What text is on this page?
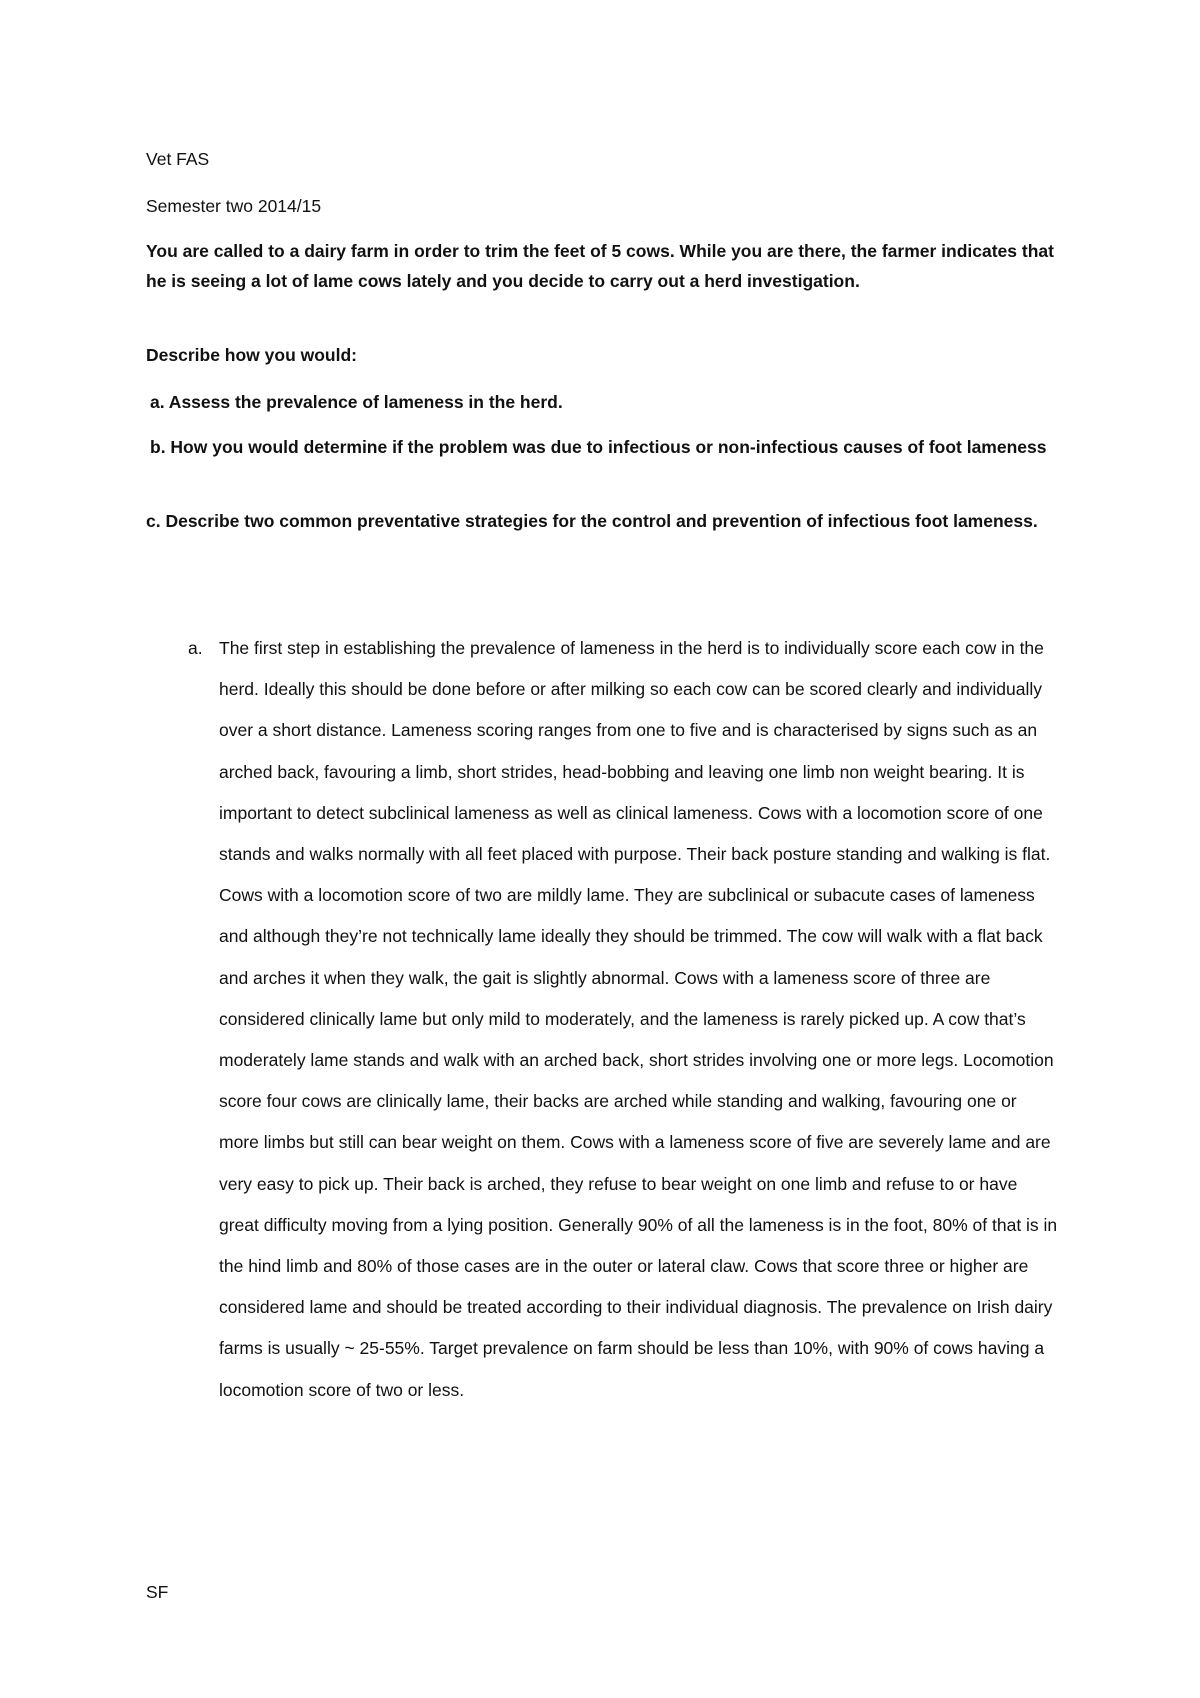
Vet FAS

Semester two 2014/15

You are called to a dairy farm in order to trim the feet of 5 cows. While you are there, the farmer indicates that he is seeing a lot of lame cows lately and you decide to carry out a herd investigation.

Describe how you would:

a. Assess the prevalence of lameness in the herd.

b. How you would determine if the problem was due to infectious or non-infectious causes of foot lameness

c. Describe two common preventative strategies for the control and prevention of infectious foot lameness.

a. The first step in establishing the prevalence of lameness in the herd is to individually score each cow in the herd. Ideally this should be done before or after milking so each cow can be scored clearly and individually over a short distance. Lameness scoring ranges from one to five and is characterised by signs such as an arched back, favouring a limb, short strides, head-bobbing and leaving one limb non weight bearing. It is important to detect subclinical lameness as well as clinical lameness. Cows with a locomotion score of one stands and walks normally with all feet placed with purpose. Their back posture standing and walking is flat. Cows with a locomotion score of two are mildly lame. They are subclinical or subacute cases of lameness and although they’re not technically lame ideally they should be trimmed. The cow will walk with a flat back and arches it when they walk, the gait is slightly abnormal. Cows with a lameness score of three are considered clinically lame but only mild to moderately, and the lameness is rarely picked up. A cow that’s moderately lame stands and walk with an arched back, short strides involving one or more legs. Locomotion score four cows are clinically lame, their backs are arched while standing and walking, favouring one or more limbs but still can bear weight on them. Cows with a lameness score of five are severely lame and are very easy to pick up. Their back is arched, they refuse to bear weight on one limb and refuse to or have great difficulty moving from a lying position. Generally 90% of all the lameness is in the foot, 80% of that is in the hind limb and 80% of those cases are in the outer or lateral claw. Cows that score three or higher are considered lame and should be treated according to their individual diagnosis. The prevalence on Irish dairy farms is usually ~ 25-55%. Target prevalence on farm should be less than 10%, with 90% of cows having a locomotion score of two or less.

SF
